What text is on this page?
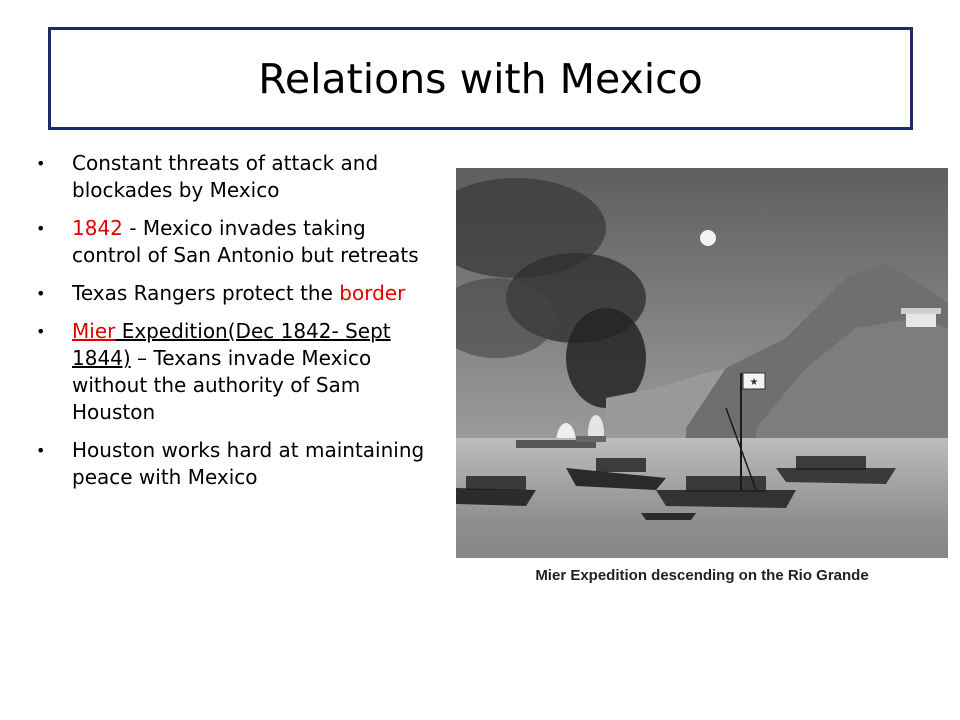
Relations with Mexico
• Constant threats of attack and blockades by Mexico
• 1842 - Mexico invades taking control of San Antonio but retreats
• Texas Rangers protect the border
• Mier Expedition(Dec 1842- Sept 1844) – Texans invade Mexico without the authority of Sam Houston
• Houston works hard at maintaining peace with Mexico
★
Mier Expedition descending on the Rio Grande
